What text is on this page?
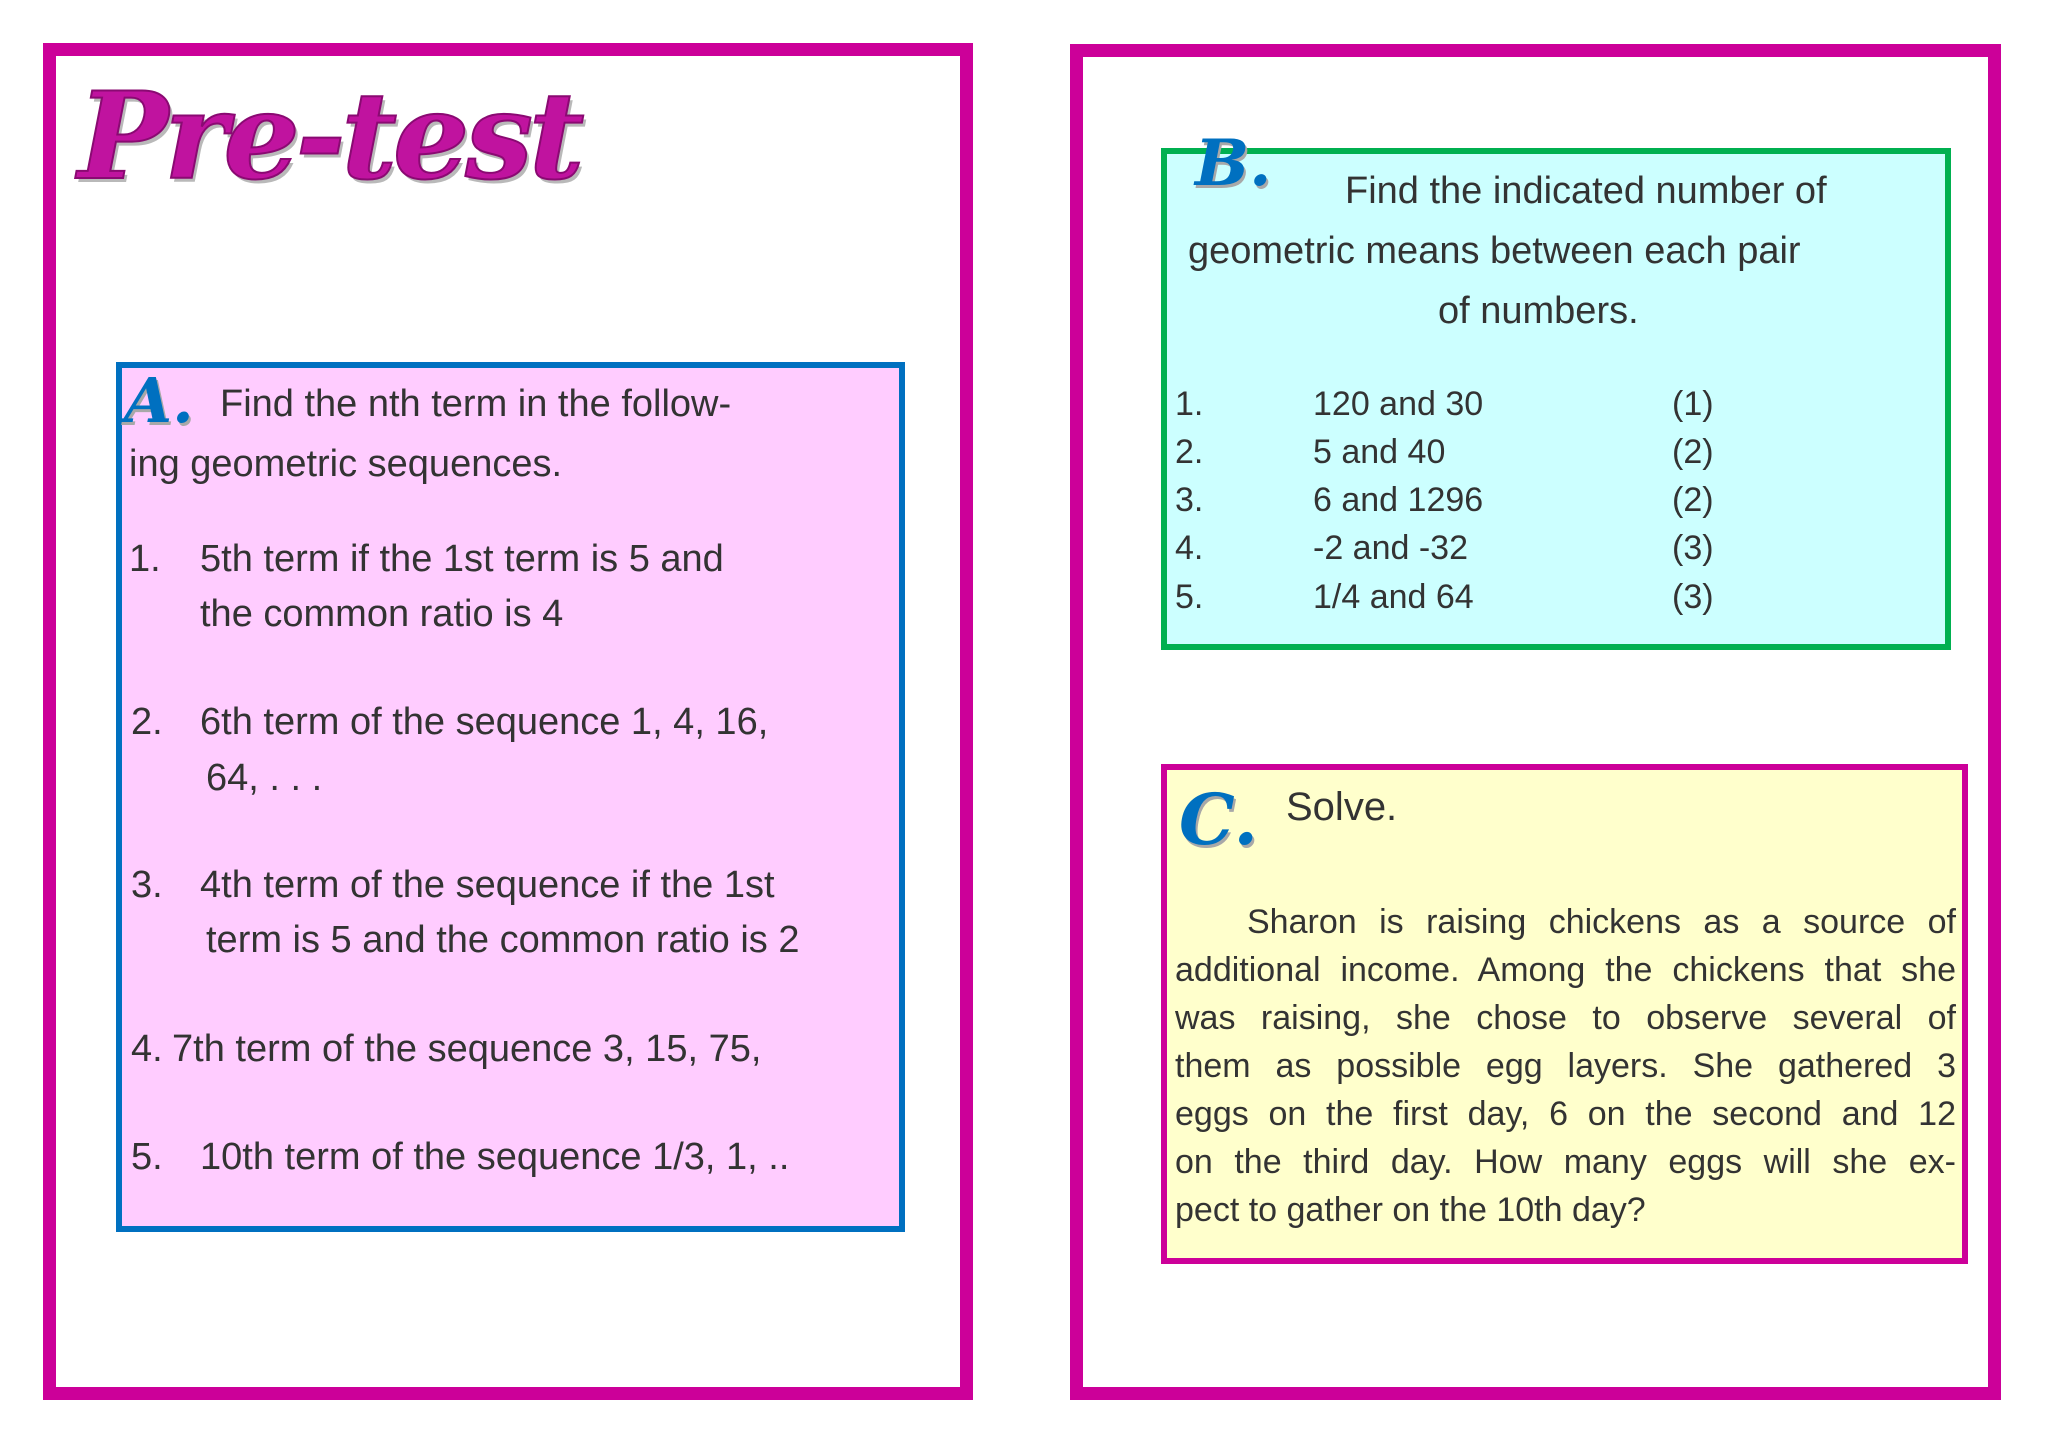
Pre-test
A. Find the nth term in the follow-
ing geometric sequences.
1. 5th term if the 1st term is 5 and
the common ratio is 4
2. 6th term of the sequence 1, 4, 16,
64, . . .
3. 4th term of the sequence if the 1st
term is 5 and the common ratio is 2
4. 7th term of the sequence 3, 15, 75,
5. 10th term of the sequence 1/3, 1, ..
B. Find the indicated number of
geometric means between each pair
of numbers.
1.	120 and 30	(1)
2.	5 and 40	(2)
3.	6 and 1296	(2)
4.	-2 and -32	(3)
5.	1/4 and 64	(3)
C. Solve.
Sharon is raising chickens as a source of
additional income. Among the chickens that she
was raising, she chose to observe several of
them as possible egg layers. She gathered 3
eggs on the first day, 6 on the second and 12
on the third day. How many eggs will she ex-
pect to gather on the 10th day?
